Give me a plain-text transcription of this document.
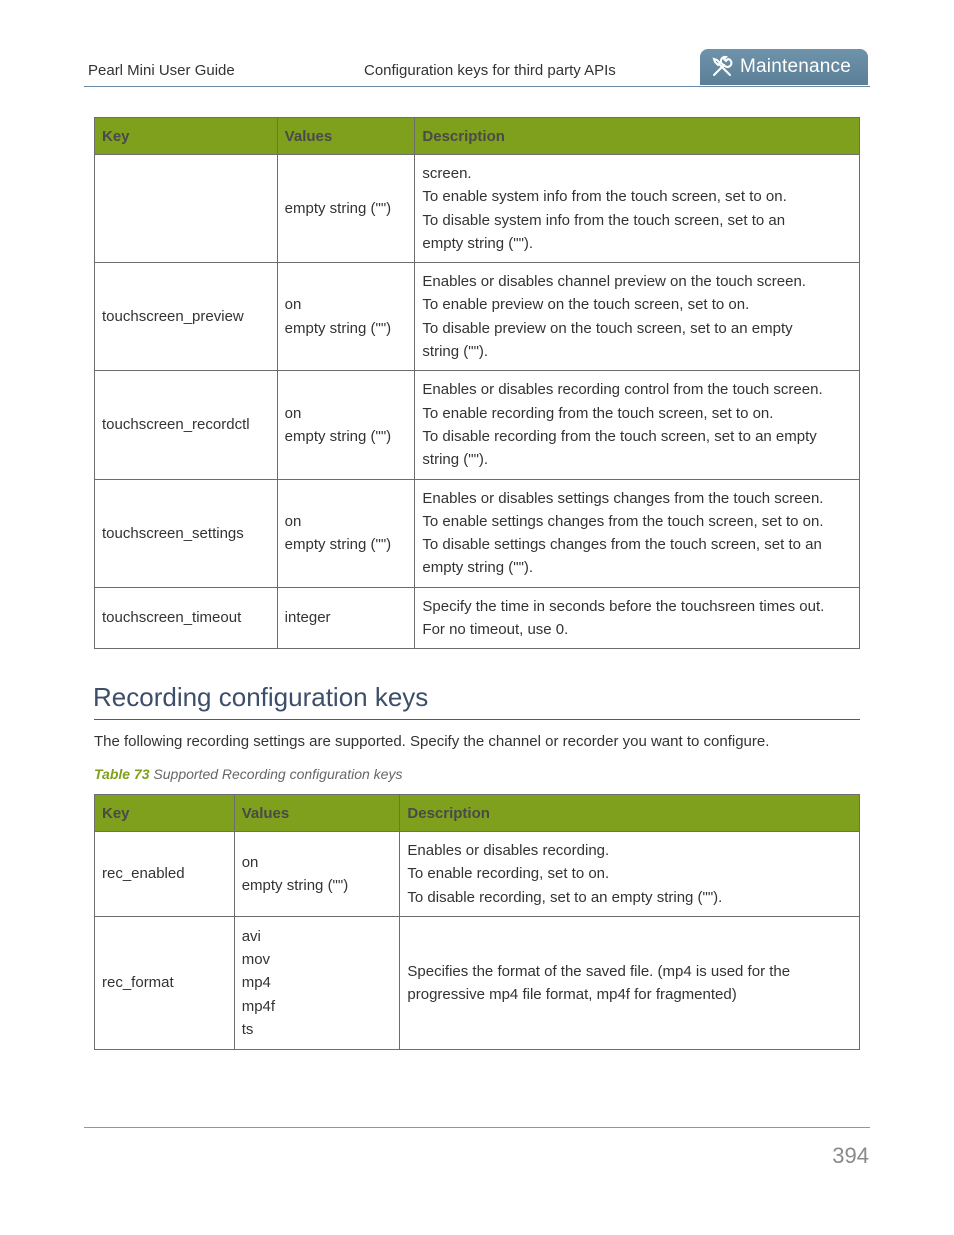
Pearl Mini User Guide	Configuration keys for third party APIs	Maintenance
Key	Values	Description

	empty string ("")	screen.
To enable system info from the touch screen, set to on.
To disable system info from the touch screen, set to an
empty string ("").

touchscreen_preview	on
empty string ("")	Enables or disables channel preview on the touch screen.
To enable preview on the touch screen, set to on.
To disable preview on the touch screen, set to an empty
string ("").

touchscreen_recordctl	on
empty string ("")	Enables or disables recording control from the touch screen.
To enable recording from the touch screen, set to on.
To disable recording from the touch screen, set to an empty
string ("").

touchscreen_settings	on
empty string ("")	Enables or disables settings changes from the touch screen.
To enable settings changes from the touch screen, set to on.
To disable settings changes from the touch screen, set to an
empty string ("").

touchscreen_timeout	integer	Specify the time in seconds before the touchsreen times out.
For no timeout, use 0.
Recording configuration keys
The following recording settings are supported. Specify the channel or recorder you want to configure.
Table 73 Supported Recording configuration keys
Key	Values	Description
rec_enabled	on
empty string ("")	Enables or disables recording.
To enable recording, set to on.
To disable recording, set to an empty string ("").

rec_format	avi
mov
mp4
mp4f
ts	Specifies the format of the saved file. (mp4 is used for the
progressive mp4 file format, mp4f for fragmented)
394
